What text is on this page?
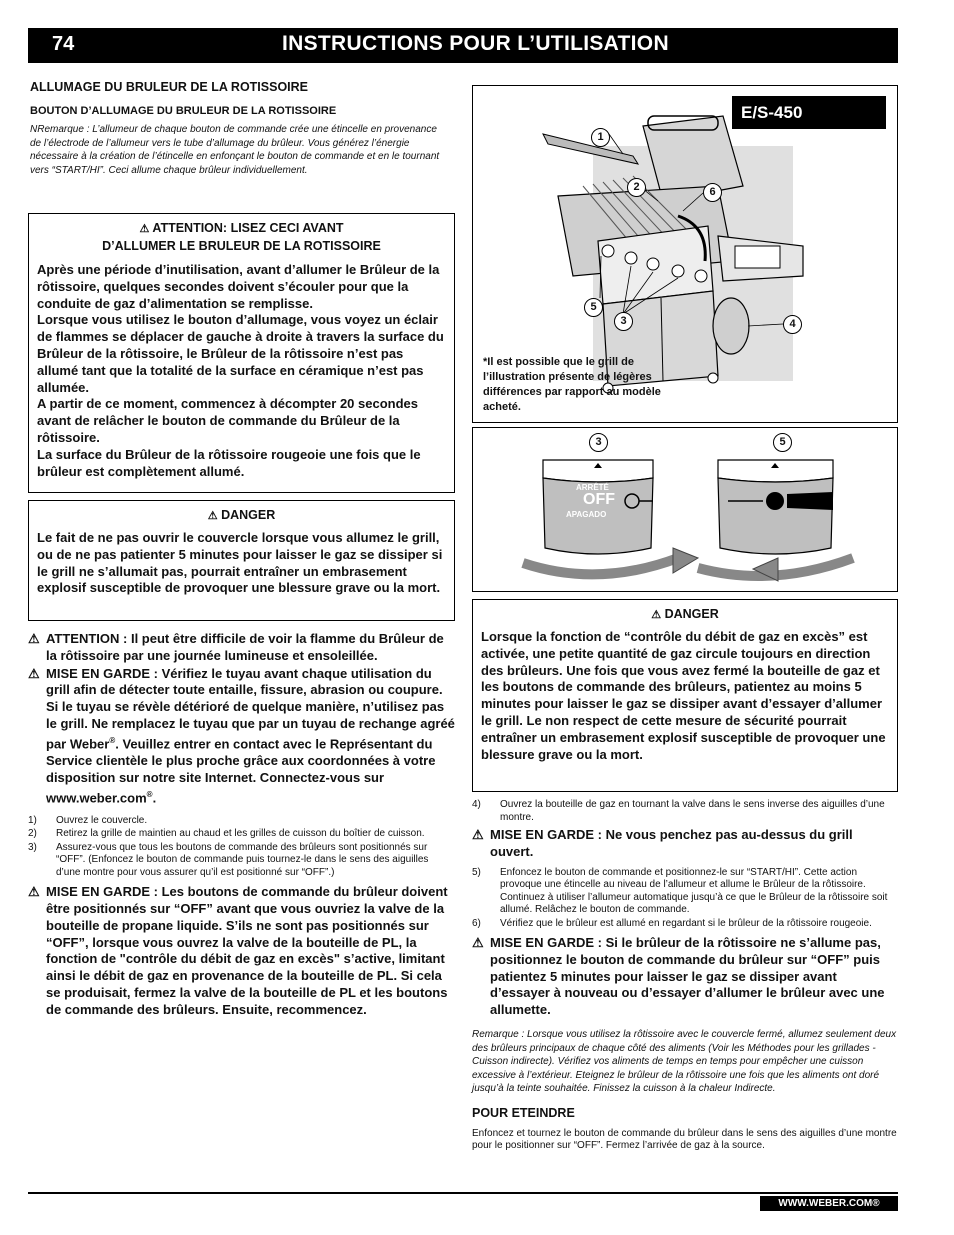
74	INSTRUCTIONS POUR L’UTILISATION
ALLUMAGE DU BRULEUR DE LA ROTISSOIRE
BOUTON D’ALLUMAGE DU BRULEUR DE LA ROTISSOIRE
NRemarque : L’allumeur de chaque bouton de commande crée une étincelle en provenance de l’électrode de l’allumeur vers le tube d’allumage du brûleur. Vous générez l’énergie nécessaire à la création de l’étincelle en enfonçant le bouton de commande et en le tournant vers “START/HI”. Ceci allume chaque brûleur individuellement.
⚠ ATTENTION: LISEZ CECI AVANT
D’ALLUMER LE BRULEUR DE LA ROTISSOIRE
Après une période d’inutilisation, avant d’allumer le Brûleur de la rôtissoire, quelques secondes doivent s’écouler pour que la conduite de gaz d’alimentation se remplisse.
Lorsque vous utilisez le bouton d’allumage, vous voyez un éclair de flammes se déplacer de gauche à droite à travers la surface du Brûleur de la rôtissoire, le Brûleur de la rôtissoire n’est pas allumé tant que la totalité de la surface en céramique n’est pas allumée.
A partir de ce moment, commencez à décompter 20 secondes avant de relâcher le bouton de commande du Brûleur de la rôtissoire.
La surface du Brûleur de la rôtissoire rougeoie une fois que le brûleur est complètement allumé.
⚠ DANGER
Le fait de ne pas ouvrir le couvercle lorsque vous allumez le grill, ou de ne pas patienter 5 minutes pour laisser le gaz se dissiper si le grill ne s’allumait pas, pourrait entraîner un embrasement explosif susceptible de provoquer une blessure grave ou la mort.
⚠ ATTENTION : Il peut être difficile de voir la flamme du Brûleur de la rôtissoire par une journée lumineuse et ensoleillée.
⚠ MISE EN GARDE : Vérifiez le tuyau avant chaque utilisation du grill afin de détecter toute entaille, fissure, abrasion ou coupure. Si le tuyau se révèle détérioré de quelque manière, n’utilisez pas le grill. Ne remplacez le tuyau que par un tuyau de rechange agréé par Weber®. Veuillez entrer en contact avec le Représentant du Service clientèle le plus proche grâce aux coordonnées à votre disposition sur notre site Internet. Connectez-vous sur www.weber.com®.
1) Ouvrez le couvercle.
2) Retirez la grille de maintien au chaud et les grilles de cuisson du boîtier de cuisson.
3) Assurez-vous que tous les boutons de commande des brûleurs sont positionnés sur “OFF”. (Enfoncez le bouton de commande puis tournez-le dans le sens des aiguilles d’une montre pour vous assurer qu’il est positionné sur “OFF”.)
⚠ MISE EN GARDE : Les boutons de commande du brûleur doivent être positionnés sur “OFF” avant que vous ouvriez la valve de la bouteille de propane liquide. S’ils ne sont pas positionnés sur “OFF”, lorsque vous ouvrez la valve de la bouteille de PL, la fonction de "contrôle du débit de gaz en excès" s’active, limitant ainsi le débit de gaz en provenance de la bouteille de PL. Si cela se produisait, fermez la valve de la bouteille de PL et les boutons de commande des brûleurs. Ensuite, recommencez.
E/S-450
1
2	6
5
3	4
*Il est possible que le grill de l’illustration présente de légères différences par rapport au modèle acheté.
3	5
ARRÊTÉ
OFF
APAGADO
⚠ DANGER
Lorsque la fonction de “contrôle du débit de gaz en excès” est activée, une petite quantité de gaz circule toujours en direction des brûleurs. Une fois que vous avez fermé la bouteille de gaz et les boutons de commande des brûleurs, patientez au moins 5 minutes pour laisser le gaz se dissiper avant d’essayer d’allumer le grill. Le non respect de cette mesure de sécurité pourrait entraîner un embrasement explosif susceptible de provoquer une blessure grave ou la mort.
4) Ouvrez la bouteille de gaz en tournant la valve dans le sens inverse des aiguilles d’une montre.
⚠ MISE EN GARDE : Ne vous penchez pas au-dessus du grill ouvert.
5) Enfoncez le bouton de commande et positionnez-le sur “START/HI”. Cette action provoque une étincelle au niveau de l’allumeur et allume le Brûleur de la rôtissoire. Continuez à utiliser l’allumeur automatique jusqu’à ce que le Brûleur de la rôtissoire soit allumé. Relâchez le bouton de commande.
6) Vérifiez que le brûleur est allumé en regardant si le brûleur de la rôtissoire rougeoie.
⚠ MISE EN GARDE : Si le brûleur de la rôtissoire ne s’allume pas, positionnez le bouton de commande du brûleur sur “OFF” puis patientez 5 minutes pour laisser le gaz se dissiper avant d’essayer à nouveau ou d’essayer d’allumer le brûleur avec une allumette.
Remarque : Lorsque vous utilisez la rôtissoire avec le couvercle fermé, allumez seulement deux des brûleurs principaux de chaque côté des aliments (Voir les Méthodes pour les grillades - Cuisson indirecte). Vérifiez vos aliments de temps en temps pour empêcher une cuisson excessive à l’extérieur. Eteignez le brûleur de la rôtissoire une fois que les aliments ont doré jusqu’à la teinte souhaitée. Finissez la cuisson à la chaleur Indirecte.
POUR ETEINDRE
Enfoncez et tournez le bouton de commande du brûleur dans le sens des aiguilles d’une montre pour le positionner sur “OFF”. Fermez l’arrivée de gaz à la source.
WWW.WEBER.COM®
